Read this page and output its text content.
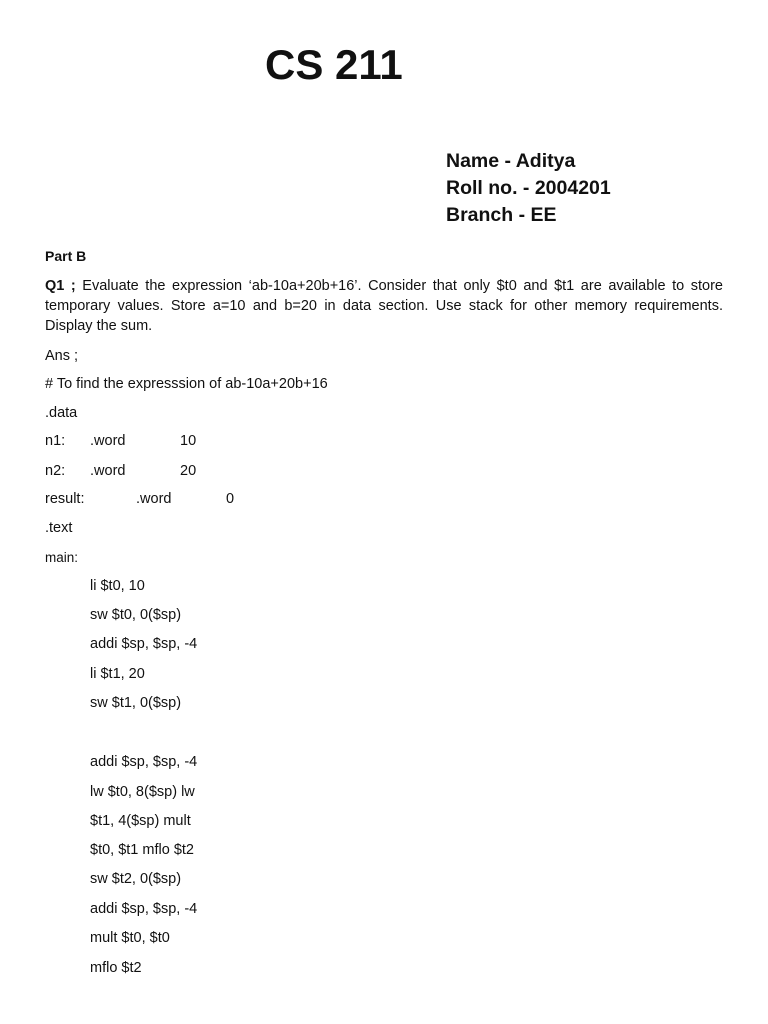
CS 211
Name - Aditya
Roll no. - 2004201
Branch - EE
Part B
Q1 ; Evaluate the expression ‘ab-10a+20b+16’. Consider that only $t0 and $t1 are available to store temporary values. Store a=10 and b=20 in data section. Use stack for other memory requirements. Display the sum.
Ans ;
# To find the expresssion of ab-10a+20b+16
.data
n1: .word	10
n2: .word	20
result:	.word	0
.text
main:
li $t0, 10
sw $t0, 0($sp)
addi $sp, $sp, -4
li $t1, 20
sw $t1, 0($sp)
addi $sp, $sp, -4
lw $t0, 8($sp) lw
$t1, 4($sp) mult
$t0, $t1 mflo $t2
sw $t2, 0($sp)
addi $sp, $sp, -4
mult $t0, $t0
mflo $t2
